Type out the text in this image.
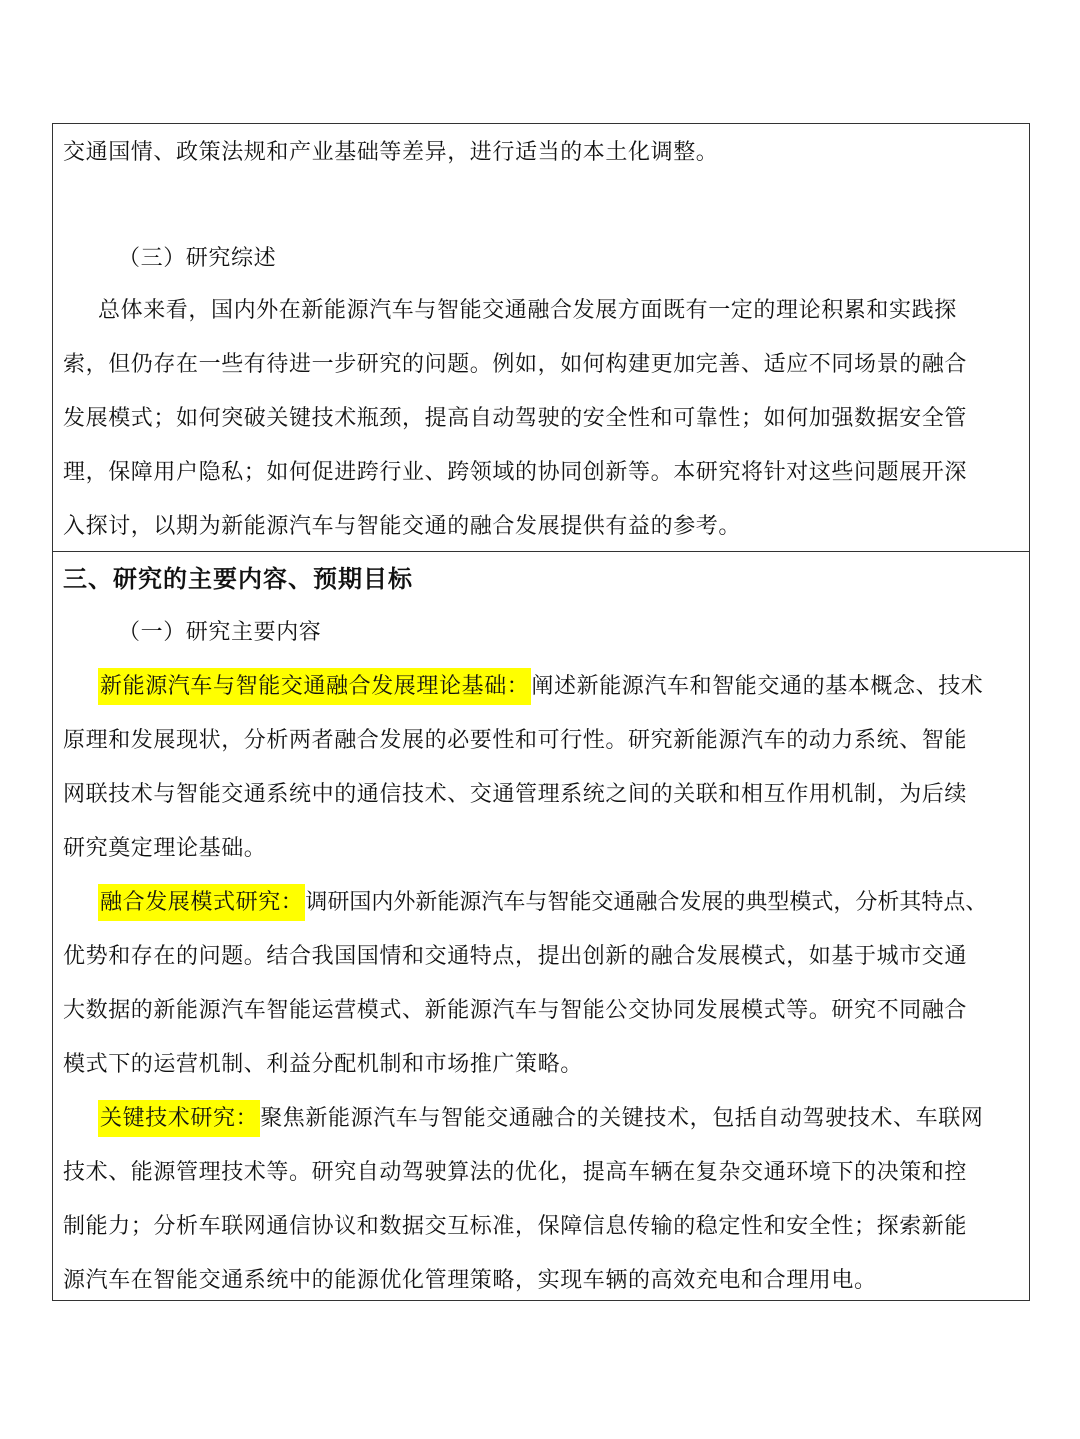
交通国情、政策法规和产业基础等差异，进行适当的本土化调整。
（三）研究综述
总体来看，国内外在新能源汽车与智能交通融合发展方面既有一定的理论积累和实践探
索，但仍存在一些有待进一步研究的问题。例如，如何构建更加完善、适应不同场景的融合
发展模式；如何突破关键技术瓶颈，提高自动驾驶的安全性和可靠性；如何加强数据安全管
理，保障用户隐私；如何促进跨行业、跨领域的协同创新等。本研究将针对这些问题展开深
入探讨，以期为新能源汽车与智能交通的融合发展提供有益的参考。
三、研究的主要内容、预期目标
（一）研究主要内容
新能源汽车与智能交通融合发展理论基础：阐述新能源汽车和智能交通的基本概念、技术
原理和发展现状，分析两者融合发展的必要性和可行性。研究新能源汽车的动力系统、智能
网联技术与智能交通系统中的通信技术、交通管理系统之间的关联和相互作用机制，为后续
研究奠定理论基础。
融合发展模式研究：调研国内外新能源汽车与智能交通融合发展的典型模式，分析其特点、
优势和存在的问题。结合我国国情和交通特点，提出创新的融合发展模式，如基于城市交通
大数据的新能源汽车智能运营模式、新能源汽车与智能公交协同发展模式等。研究不同融合
模式下的运营机制、利益分配机制和市场推广策略。
关键技术研究：聚焦新能源汽车与智能交通融合的关键技术，包括自动驾驶技术、车联网
技术、能源管理技术等。研究自动驾驶算法的优化，提高车辆在复杂交通环境下的决策和控
制能力；分析车联网通信协议和数据交互标准，保障信息传输的稳定性和安全性；探索新能
源汽车在智能交通系统中的能源优化管理策略，实现车辆的高效充电和合理用电。
